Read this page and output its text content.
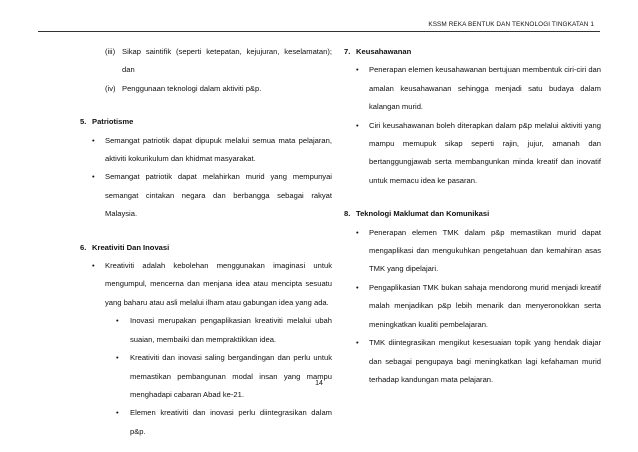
KSSM REKA BENTUK DAN TEKNOLOGI TINGKATAN 1
(iii) Sikap saintifik (seperti ketepatan, kejujuran, keselamatan); dan
(iv) Penggunaan teknologi dalam aktiviti p&p.
5. Patriotisme
• Semangat patriotik dapat dipupuk melalui semua mata pelajaran, aktiviti kokurikulum dan khidmat masyarakat.
• Semangat patriotik dapat melahirkan murid yang mempunyai semangat cintakan negara dan berbangga sebagai rakyat Malaysia.
6. Kreativiti Dan Inovasi
• Kreativiti adalah kebolehan menggunakan imaginasi untuk mengumpul, mencerna dan menjana idea atau mencipta sesuatu yang baharu atau asli melalui ilham atau gabungan idea yang ada.
• Inovasi merupakan pengaplikasian kreativiti melalui ubah suaian, membaiki dan mempraktikkan idea.
• Kreativiti dan inovasi saling bergandingan dan perlu untuk memastikan pembangunan modal insan yang mampu menghadapi cabaran Abad ke-21.
• Elemen kreativiti dan inovasi perlu diintegrasikan dalam p&p.
7. Keusahawanan
• Penerapan elemen keusahawanan bertujuan membentuk ciri-ciri dan amalan keusahawanan sehingga menjadi satu budaya dalam kalangan murid.
• Ciri keusahawanan boleh diterapkan dalam p&p melalui aktiviti yang mampu memupuk sikap seperti rajin, jujur, amanah dan bertanggungjawab serta membangunkan minda kreatif dan inovatif untuk memacu idea ke pasaran.
8. Teknologi Maklumat dan Komunikasi
• Penerapan elemen TMK dalam p&p memastikan murid dapat mengaplikasi dan mengukuhkan pengetahuan dan kemahiran asas TMK yang dipelajari.
• Pengaplikasian TMK bukan sahaja mendorong murid menjadi kreatif malah menjadikan p&p lebih menarik dan menyeronokkan serta meningkatkan kualiti pembelajaran.
• TMK diintegrasikan mengikut kesesuaian topik yang hendak diajar dan sebagai pengupaya bagi meningkatkan lagi kefahaman murid terhadap kandungan mata pelajaran.
14
